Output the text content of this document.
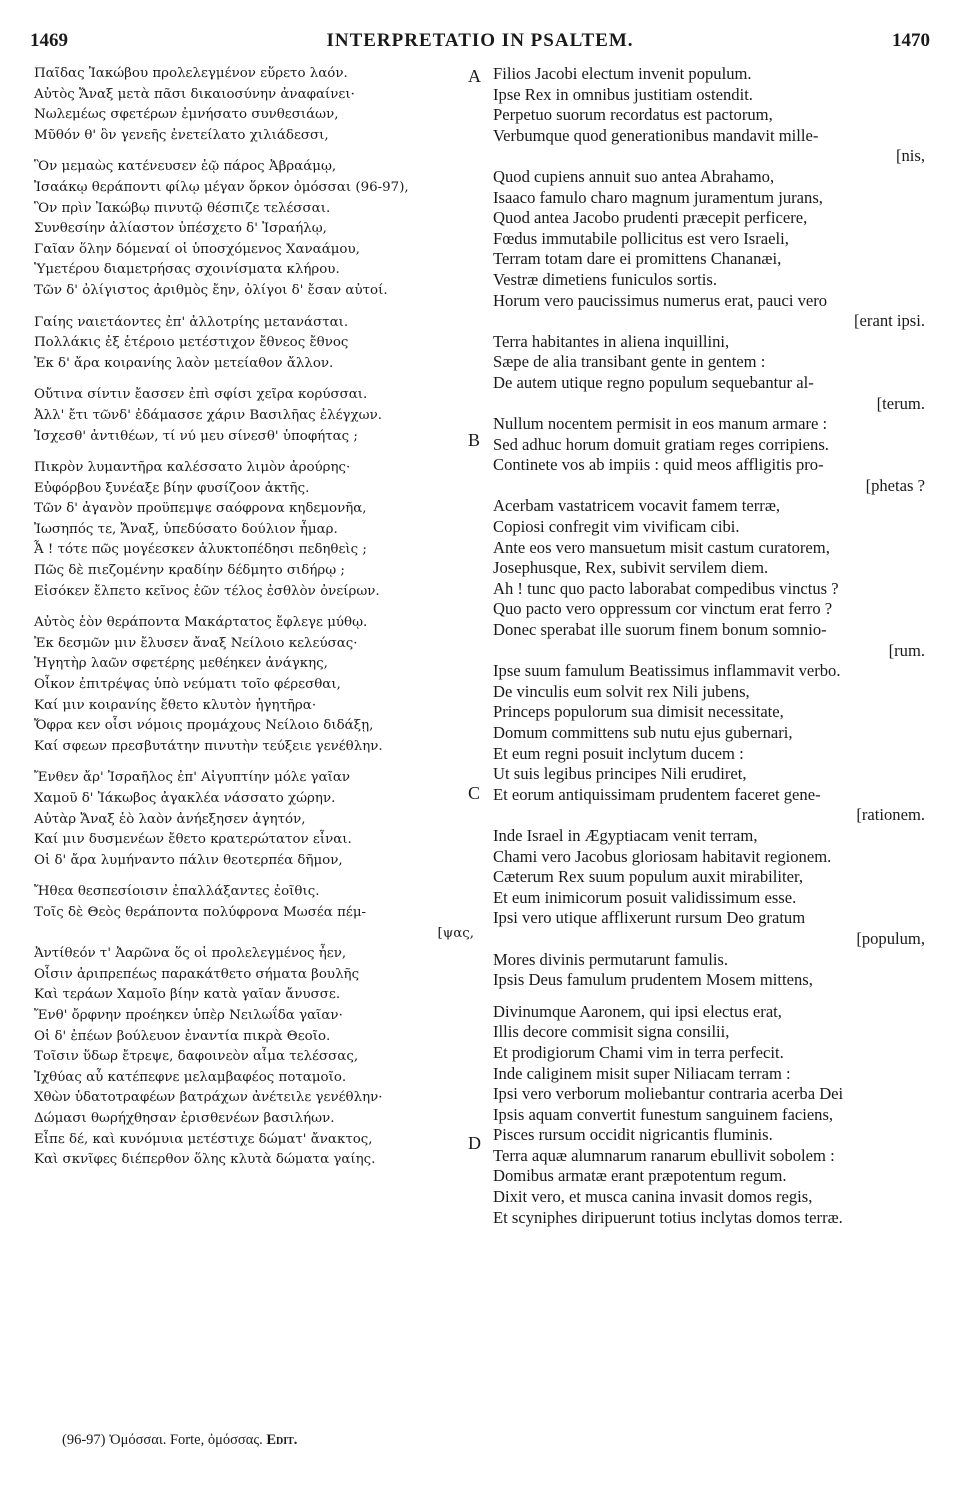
1469	INTERPRETATIO IN PSALTEM.	1470
Παῖδας Ἰακώβου προλελεγμένον εὕρετο λαόν.
Αὐτὸς Ἄναξ μετὰ πᾶσι δικαιοσύνην ἀναφαίνει·
Νωλεμέως σφετέρων ἐμνήσατο συνθεσιάων,
Μῦθόν θ' ὃν γενεῆς ἐνετείλατο χιλιάδεσσι,
Ὃν μεμαὼς κατένευσεν ἐῷ πάρος Ἀβραάμῳ,
Ἰσαάκῳ θεράποντι φίλῳ μέγαν ὅρκον ὀμόσσαι (96-97),
Ὃν πρὶν Ἰακώβῳ πινυτῷ θέσπιζε τελέσσαι.
Συνθεσίην ἀλίαστον ὑπέσχετο δ' Ἰσραήλῳ,
Γαῖαν ὅλην δόμεναί οἱ ὑποσχόμενος Χαναάμου,
Ὑμετέρου διαμετρήσας σχοινίσματα κλήρου.
Τῶν δ' ὀλίγιστος ἀριθμὸς ἔην, ὀλίγοι δ' ἔσαν αὐτοί.
Γαίης ναιετάοντες ἐπ' ἀλλοτρίης μετανάσται.
Πολλάκις ἐξ ἑτέροιο μετέστιχον ἔθνεος ἔθνος
Ἐκ δ' ἄρα κοιρανίης λαὸν μετείαθον ἄλλον.
Οὔτινα σίντιν ἔασσεν ἐπὶ σφίσι χεῖρα κορύσσαι.
Ἀλλ' ἔτι τῶνδ' ἐδάμασσε χάριν Βασιλῆας ἐλέγχων.
Ἰσχεσθ' ἀντιθέων, τί νύ μευ σίνεσθ' ὑποφήτας ;
Πικρὸν λυμαντῆρα καλέσσατο λιμὸν ἀρούρης·
Εὐφόρβου ξυνέαξε βίην φυσίζοον ἀκτῆς.
Τῶν δ' ἀγανὸν προϋπεμψε σαόφρονα κηδεμονῆα,
Ἰωσηπός τε, Ἄναξ, ὑπεδύσατο δούλιον ἦμαρ.
Ἆ ! τότε πῶς μογέεσκεν ἀλυκτοπέδησι πεδηθεὶς ;
Πῶς δὲ πιεζομένην κραδίην δέδμητο σιδήρῳ ;
Εἰσόκεν ἔλπετο κεῖνος ἑῶν τέλος ἐσθλὸν ὀνείρων.
Αὐτὸς ἑὸν θεράποντα Μακάρτατος ἔφλεγε μύθῳ.
Ἐκ δεσμῶν μιν ἔλυσεν ἄναξ Νείλοιο κελεύσας·
Ἡγητὴρ λαῶν σφετέρης μεθέηκεν ἀνάγκης,
Οἶκον ἐπιτρέψας ὑπὸ νεύματι τοῖο φέρεσθαι,
Καί μιν κοιρανίης ἔθετο κλυτὸν ἡγητῆρα·
Ὄφρα κεν οἷσι νόμοις προμάχους Νείλοιο διδάξῃ,
Καί σφεων πρεσβυτάτην πινυτὴν τεύξειε γενέθλην.
Ἔνθεν ἄρ' Ἰσραῆλος ἐπ' Αἰγυπτίην μόλε γαῖαν
Χαμοῦ δ' Ἰάκωβος ἀγακλέα νάσσατο χώρην.
Αὐτὰρ Ἄναξ ἑὸ λαὸν ἀνήεξησεν ἀγητόν,
Καί μιν δυσμενέων ἔθετο κρατερώτατον εἶναι.
Οἱ δ' ἄρα λυμήναντο πάλιν θεοτερπέα δῆμον,
Ἤθεα θεσπεσίοισιν ἐπαλλάξαντες ἐοῖθις.
Τοῖς δὲ Θεὸς θεράποντα πολύφρονα Μωσέα πέμ-
[ψας,
Ἀντίθεόν τ' Ἀαρῶνα ὅς οἱ προλελεγμένος ἦεν,
Οἷσιν ἀριπρεπέως παρακάτθετο σήματα βουλῆς
Καὶ τεράων Χαμοῖο βίην κατὰ γαῖαν ἄνυσσε.
Ἔνθ' ὄρφνην προέηκεν ὑπὲρ Νειλωΐδα γαῖαν·
Οἱ δ' ἐπέων βούλευον ἐναντία πικρὰ Θεοῖο.
Τοῖσιν ὕδωρ ἔτρεψε, δαφοινεὸν αἷμα τελέσσας,
Ἰχθύας αὖ κατέπεφνε μελαμβαφέος ποταμοῖο.
Χθὼν ὑδατοτραφέων βατράχων ἀνέτειλε γενέθλην·
Δώμασι θωρήχθησαν ἐρισθενέων βασιλήων.
Εἶπε δέ, καὶ κυνόμυια μετέστιχε δώματ' ἄνακτος,
Καὶ σκνῖφες διέπερθον ὅλης κλυτὰ δώματα γαίης.
Filios Jacobi electum invenit populum.
Ipse Rex in omnibus justitiam ostendit.
Perpetuo suorum recordatus est pactorum,
Verbumque quod generationibus mandavit mille-
[nis,
Quod cupiens annuit suo antea Abrahamo,
Isaaco famulo charo magnum juramentum jurans,
Quod antea Jacobo prudenti præcepit perficere,
Fœdus immutabile pollicitus est vero Israeli,
Terram totam dare ei promittens Chananæi,
Vestræ dimetiens funiculos sortis.
Horum vero paucissimus numerus erat, pauci vero
[erant ipsi.
Terra habitantes in aliena inquillini,
Sæpe de alia transibant gente in gentem :
De autem utique regno populum sequebantur al-
[terum.
Nullum nocentem permisit in eos manum armare :
Sed adhuc horum domuit gratiam reges corripiens.
Continete vos ab impiis : quid meos affligitis pro-
[phetas ?
Acerbam vastatricem vocavit famem terræ,
Copiosi confregit vim vivificam cibi.
Ante eos vero mansuetum misit castum curatorem,
Josephusque, Rex, subivit servilem diem.
Ah ! tunc quo pacto laborabat compedibus vinctus ?
Quo pacto vero oppressum cor vinctum erat ferro ?
Donec sperabat ille suorum finem bonum somnio-
[rum.
Ipse suum famulum Beatissimus inflammavit verbo.
De vinculis eum solvit rex Nili jubens,
Princeps populorum sua dimisit necessitate,
Domum committens sub nutu ejus gubernari,
Et eum regni posuit inclytum ducem :
Ut suis legibus principes Nili erudiret,
Et eorum antiquissimam prudentem faceret gene-
[rationem.
Inde Israel in Ægyptiacam venit terram,
Chami vero Jacobus gloriosam habitavit regionem.
Cæterum Rex suum populum auxit mirabiliter,
Et eum inimicorum posuit validissimum esse.
Ipsi vero utique afflixerunt rursum Deo gratum
[populum,
Mores divinis permutarunt famulis.
Ipsis Deus famulum prudentem Mosem mittens,
Divinumque Aaronem, qui ipsi electus erat,
Illis decore commisit signa consilii,
Et prodigiorum Chami vim in terra perfecit.
Inde caliginem misit super Niliacam terram :
Ipsi vero verborum moliebantur contraria acerba Dei
Ipsis aquam convertit funestum sanguinem faciens,
Pisces rursum occidit nigricantis fluminis.
Terra aquæ alumnarum ranarum ebullivit sobolem :
Domibus armatæ erant præpotentum regum.
Dixit vero, et musca canina invasit domos regis,
Et scyniphes diripuerunt totius inclytas domos terræ.
A
B
C
D
(96-97) Ὀμόσσαι. Forte, ὀμόσσας. Edit.
